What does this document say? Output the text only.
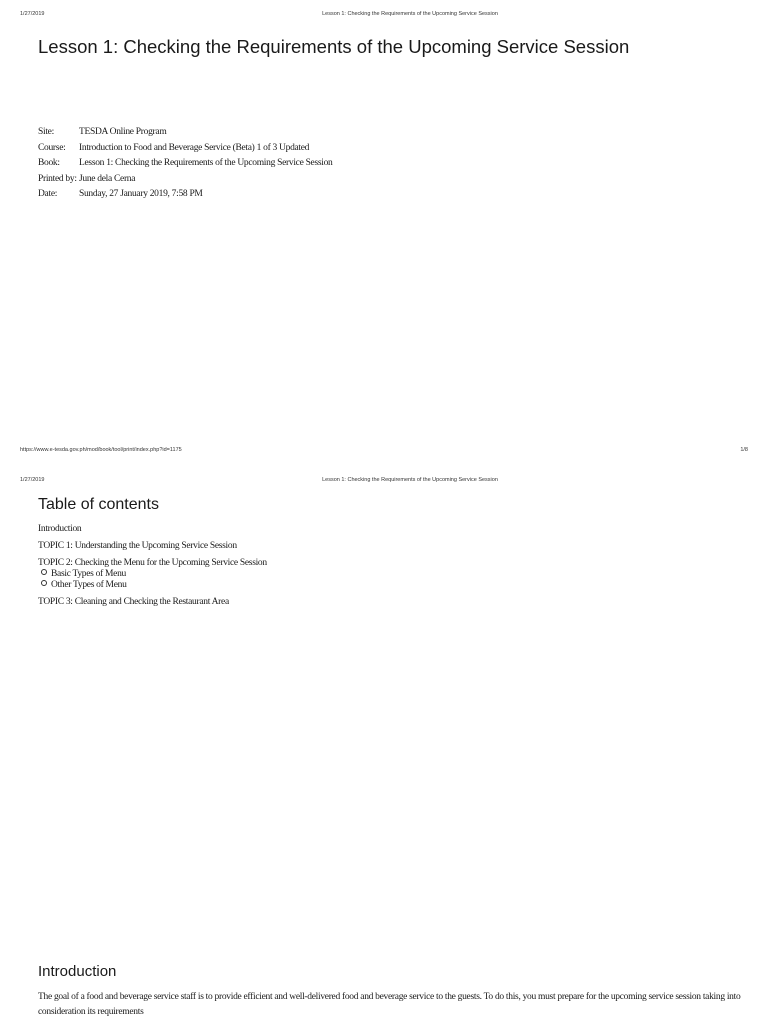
1/27/2019	Lesson 1: Checking the Requirements of the Upcoming Service Session
Lesson 1: Checking the Requirements of the Upcoming Service Session
Site:	TESDA Online Program
Course:	Introduction to Food and Beverage Service (Beta) 1 of 3 Updated
Book:	Lesson 1: Checking the Requirements of the Upcoming Service Session
Printed by:	June dela Cerna
Date:	Sunday, 27 January 2019, 7:58 PM
https://www.e-tesda.gov.ph/mod/book/tool/print/index.php?id=1175	1/8
1/27/2019	Lesson 1: Checking the Requirements of the Upcoming Service Session
Table of contents

Introduction

TOPIC 1: Understanding the Upcoming Service Session

TOPIC 2: Checking the Menu for the Upcoming Service Session

Basic Types of Menu
Other Types of Menu

TOPIC 3: Cleaning and Checking the Restaurant Area

Introduction

The goal of a food and beverage service staff is to provide efficient and well-delivered food and beverage service to the guests. To do this, you must prepare for the upcoming service session taking into consideration its requirements
